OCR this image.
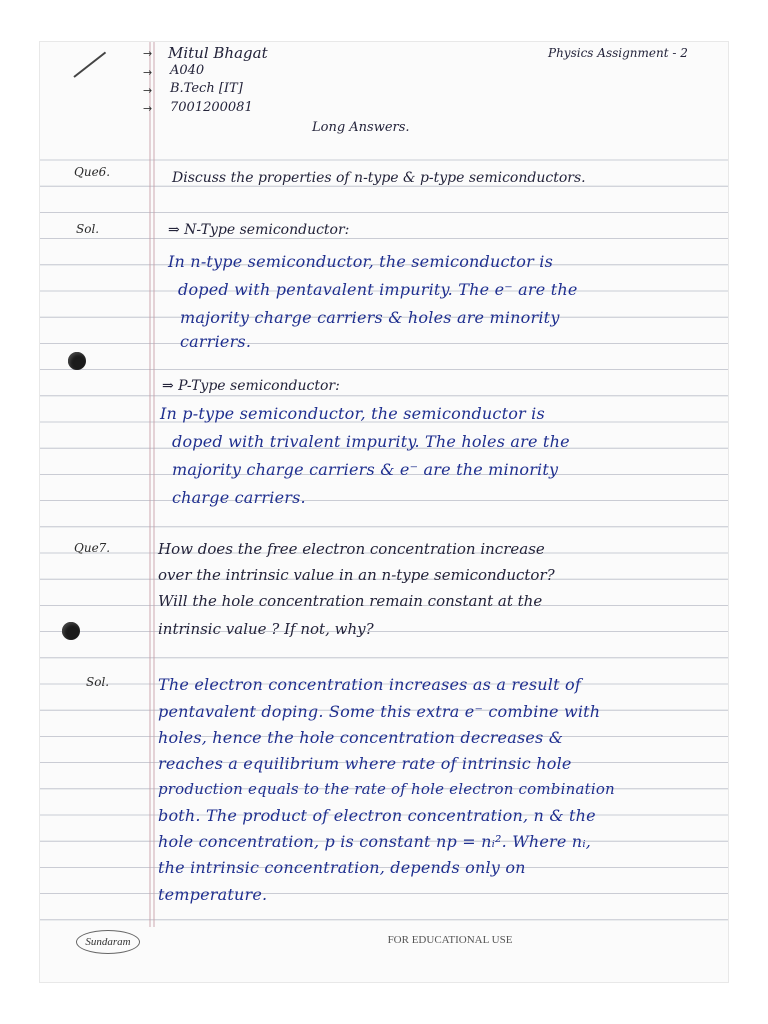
→
→
→
→
Mitul Bhagat
A040
B.Tech [IT]
7001200081
Physics Assignment - 2
Long Answers.
Que6.	Discuss the properties of n-type & p-type semiconductors.
Sol.	⇒ N-Type semiconductor:
In n-type semiconductor, the semiconductor is
doped with pentavalent impurity. The e⁻ are the
majority charge carriers & holes are minority
carriers.
⇒ P-Type semiconductor:
In p-type semiconductor, the semiconductor is
doped with trivalent impurity. The holes are the
majority charge carriers & e⁻ are the minority
charge carriers.
Que7.	How does the free electron concentration increase
over the intrinsic value in an n-type semiconductor?
Will the hole concentration remain constant at the
intrinsic value ? If not, why?
Sol.	The electron concentration increases as a result of
pentavalent doping. Some this extra e⁻ combine with
holes, hence the hole concentration decreases &
reaches a equilibrium where rate of intrinsic hole
production equals to the rate of hole electron combination
both. The product of electron concentration, n & the
hole concentration, p is constant np = nᵢ². Where nᵢ,
the intrinsic concentration, depends only on
temperature.
Sundaram	FOR EDUCATIONAL USE
